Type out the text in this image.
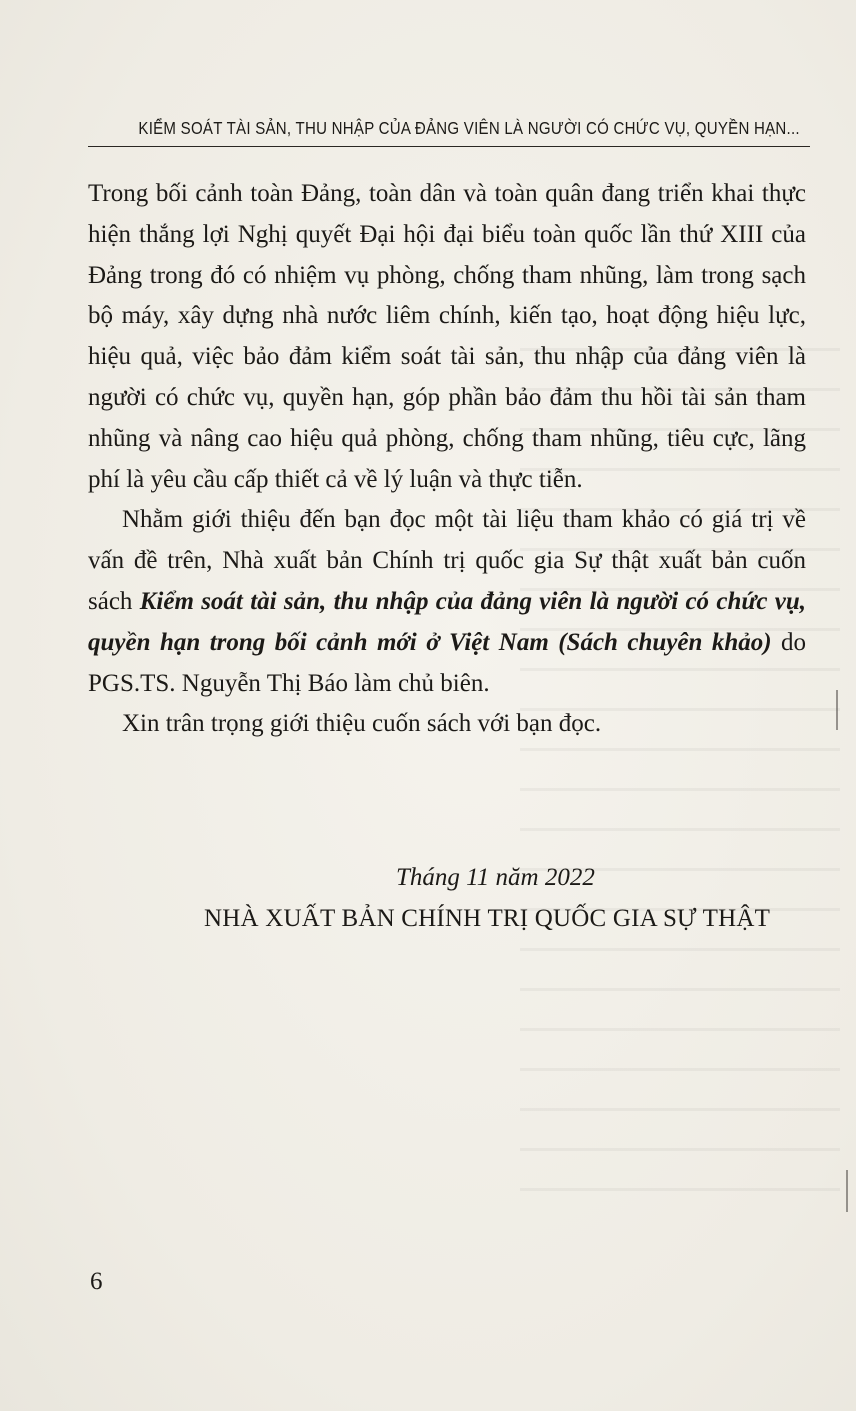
KIỂM SOÁT TÀI SẢN, THU NHẬP CỦA ĐẢNG VIÊN LÀ NGƯỜI CÓ CHỨC VỤ, QUYỀN HẠN...

Trong bối cảnh toàn Đảng, toàn dân và toàn quân đang triển khai thực hiện thắng lợi Nghị quyết Đại hội đại biểu toàn quốc lần thứ XIII của Đảng trong đó có nhiệm vụ phòng, chống tham nhũng, làm trong sạch bộ máy, xây dựng nhà nước liêm chính, kiến tạo, hoạt động hiệu lực, hiệu quả, việc bảo đảm kiểm soát tài sản, thu nhập của đảng viên là người có chức vụ, quyền hạn, góp phần bảo đảm thu hồi tài sản tham nhũng và nâng cao hiệu quả phòng, chống tham nhũng, tiêu cực, lãng phí là yêu cầu cấp thiết cả về lý luận và thực tiễn.

Nhằm giới thiệu đến bạn đọc một tài liệu tham khảo có giá trị về vấn đề trên, Nhà xuất bản Chính trị quốc gia Sự thật xuất bản cuốn sách Kiểm soát tài sản, thu nhập của đảng viên là người có chức vụ, quyền hạn trong bối cảnh mới ở Việt Nam (Sách chuyên khảo) do PGS.TS. Nguyễn Thị Báo làm chủ biên.

Xin trân trọng giới thiệu cuốn sách với bạn đọc.

Tháng 11 năm 2022
NHÀ XUẤT BẢN CHÍNH TRỊ QUỐC GIA SỰ THẬT
6
